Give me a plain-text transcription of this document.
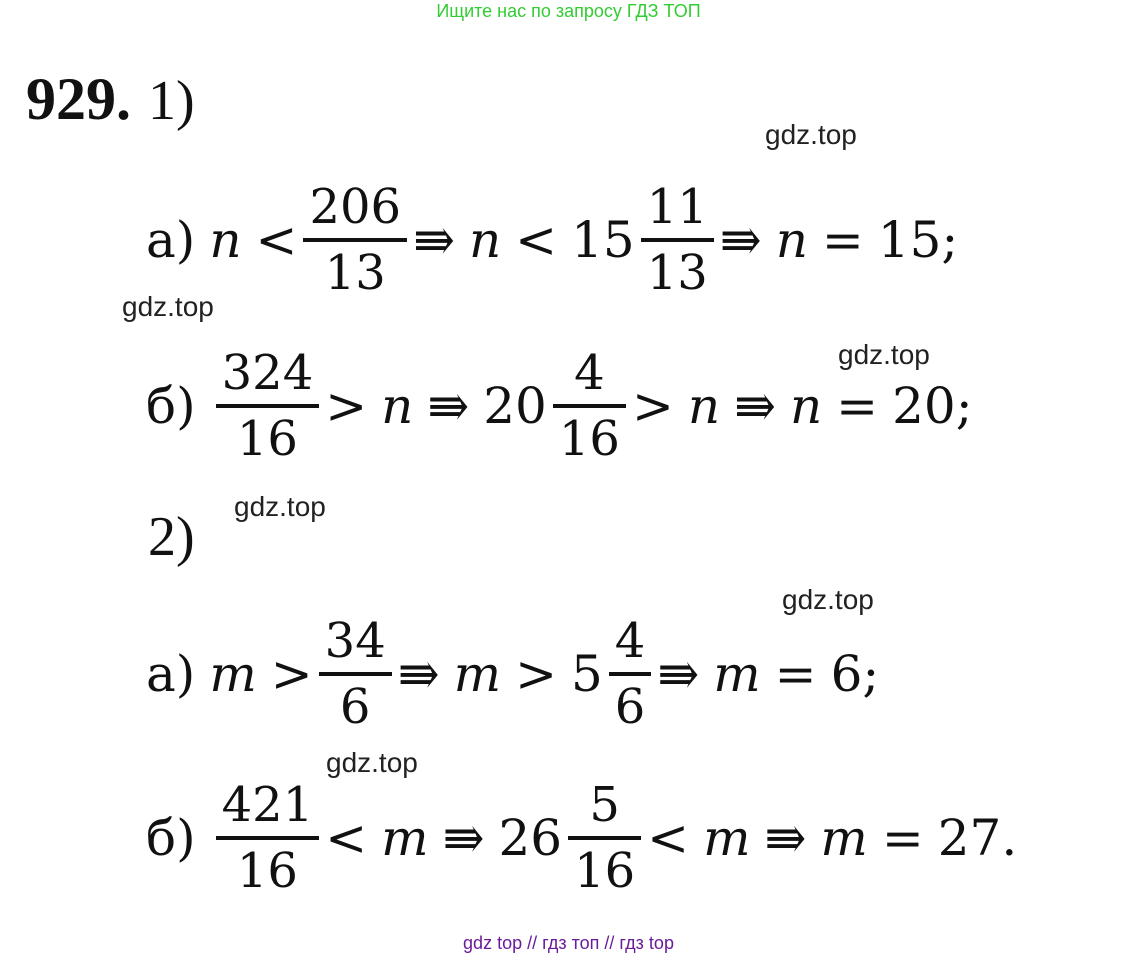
Ищите нас по запросу ГДЗ ТОП
929. 1)
а) $n < \frac{206}{13}$ ⇛ $n < 15 \frac{11}{13}$ ⇛ n = 15 ;
$б) \frac{324}{16} > n$ ⇛ $20 \frac{4}{16} > n$ ⇛ n = 20 ;
2)
а) $m > \frac{34}{6}$ ⇛ $m > 5 \frac{4}{6}$ ⇛ m = 6 ;
$б) \frac{421}{16} < m$ ⇛ $26 \frac{5}{16} < m$ ⇛ m = 27 .
gdz.top
gdz.top
gdz.top
gdz.top
gdz.top
gdz.top
gdz top // гдз топ // гдз top
